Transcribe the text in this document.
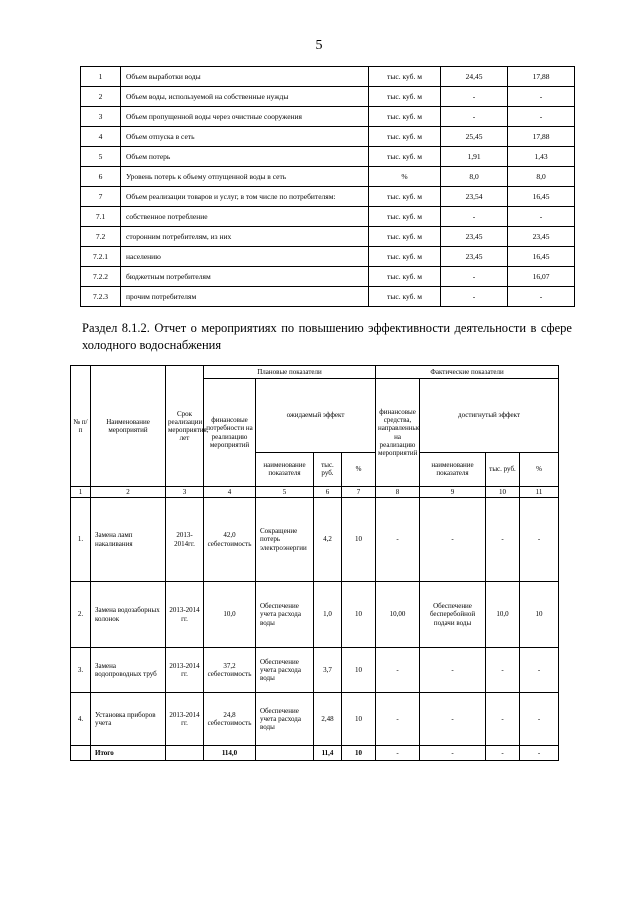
5
1	Объем выработки воды	тыс. куб. м	24,45	17,88
2	Объем воды, используемой на собственные нужды	тыс. куб. м	-	-
3	Объем пропущенной воды через очистные сооружения	тыс. куб. м	-	-
4	Объем отпуска в сеть	тыс. куб. м	25,45	17,88
5	Объем потерь	тыс. куб. м	1,91	1,43
6	Уровень потерь к объему отпущенной воды в сеть	%	8,0	8,0
7	Объем реализации товаров и услуг, в том числе по потребителям:	тыс. куб. м	23,54	16,45
7.1	собственное потребление	тыс. куб. м	-	-
7.2	сторонним потребителям, из них	тыс. куб. м	23,45	23,45
7.2.1	населению	тыс. куб. м	23,45	16,45
7.2.2	бюджетным потребителям	тыс. куб. м	-	16,07
7.2.3	прочим потребителям	тыс. куб. м	-	-

Раздел 8.1.2. Отчет о мероприятиях по повышению эффективности деятельности в сфере холодного водоснабжения

№ п/п	Наименование мероприятий	Срок реализации мероприятия, лет	Плановые показатели				Фактические показатели			
			финансовые потребности на реализацию мероприятий	ожидаемый эффект			финансовые средства, направленные на реализацию мероприятий	достигнутый эффект		
				наименование показателя	тыс. руб.	%		наименование показателя	тыс. руб.	%
1	2	3	4	5	6	7	8	9	10	11
1.	Замена ламп накаливания	2013-2014гг.	42,0 себестоимость	Сокращение потерь электроэнергии	4,2	10	-	-	-	-
2.	Замена водозаборных колонок	2013-2014 гг.	10,0	Обеспечение учета расхода воды	1,0	10	10,00	Обеспечение бесперебойной подачи воды	10,0	10
3.	Замена водопроводных труб	2013-2014 гг.	37,2 себестоимость	Обеспечение учета расхода воды	3,7	10	-	-	-	-
4.	Установка приборов учета	2013-2014 гг.	24,8 себестоимость	Обеспечение учета расхода воды	2,48	10	-	-	-	-
	Итого		114,0		11,4	10	-	-	-	-
